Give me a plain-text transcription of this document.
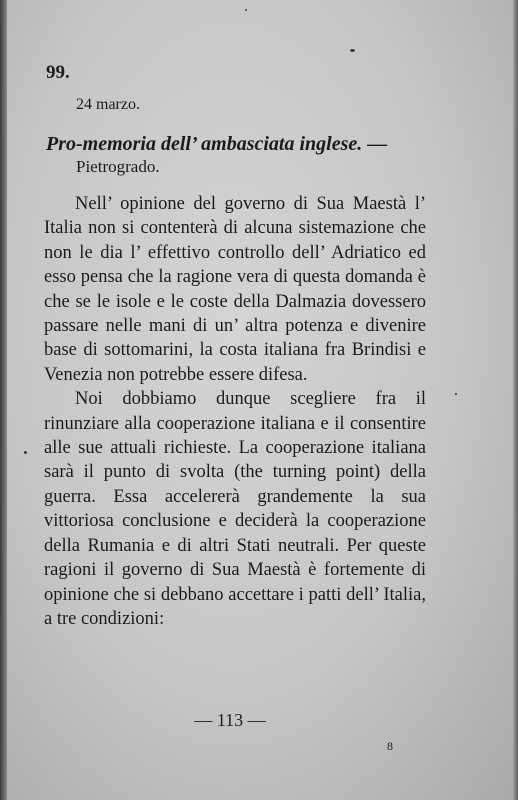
99.
24 marzo.
Pro-memoria dell’ ambasciata inglese. —
Pietrogrado.

Nell’ opinione del governo di Sua Maestà l’ Italia non si contenterà di alcuna sistemazione che non le dia l’ effettivo controllo dell’ Adriatico ed esso pensa che la ragione vera di questa domanda è che se le isole e le coste della Dalmazia dovessero passare nelle mani di un’ altra potenza e divenire base di sottomarini, la costa italiana fra Brindisi e Venezia non potrebbe essere difesa.

Noi dobbiamo dunque scegliere fra il rinunziare alla cooperazione italiana e il consentire alle sue attuali richieste. La cooperazione italiana sarà il punto di svolta (the turning point) della guerra. Essa accelererà grandemente la sua vittoriosa conclusione e deciderà la cooperazione della Rumania e di altri Stati neutrali. Per queste ragioni il governo di Sua Maestà è fortemente di opinione che si debbano accettare i patti dell’ Italia, a tre condizioni:

— 113 —
8
